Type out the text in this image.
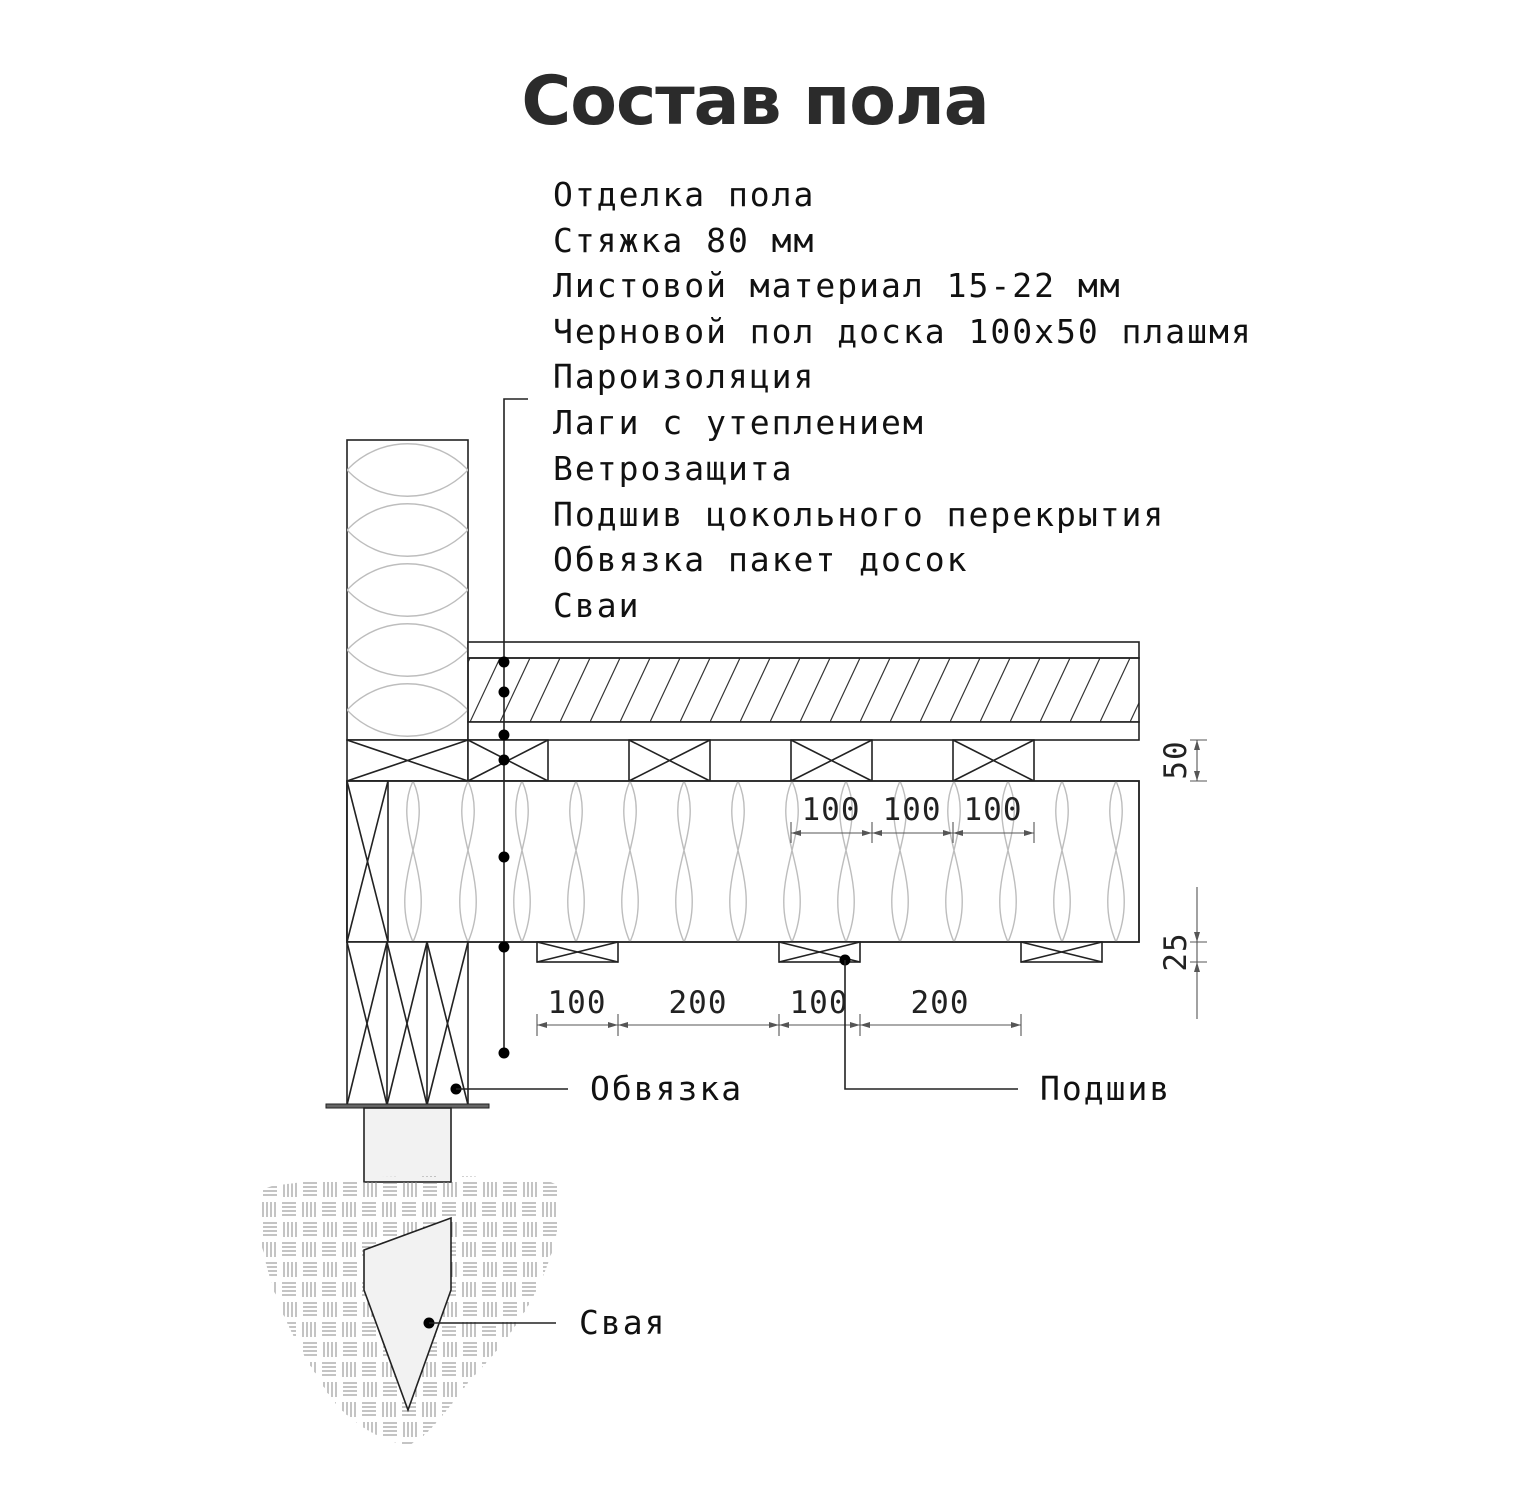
Состав пола
Отделка пола
Стяжка 80 мм
Листовой материал 15-22 мм
Черновой пол доска 100х50 плашмя
Пароизоляция
Лаги с утеплением
Ветрозащита
Подшив цокольного перекрытия
Обвязка пакет досок
Сваи
100 100 100
100 200 100 200
50
25
Обвязка	Подшив
Свая
